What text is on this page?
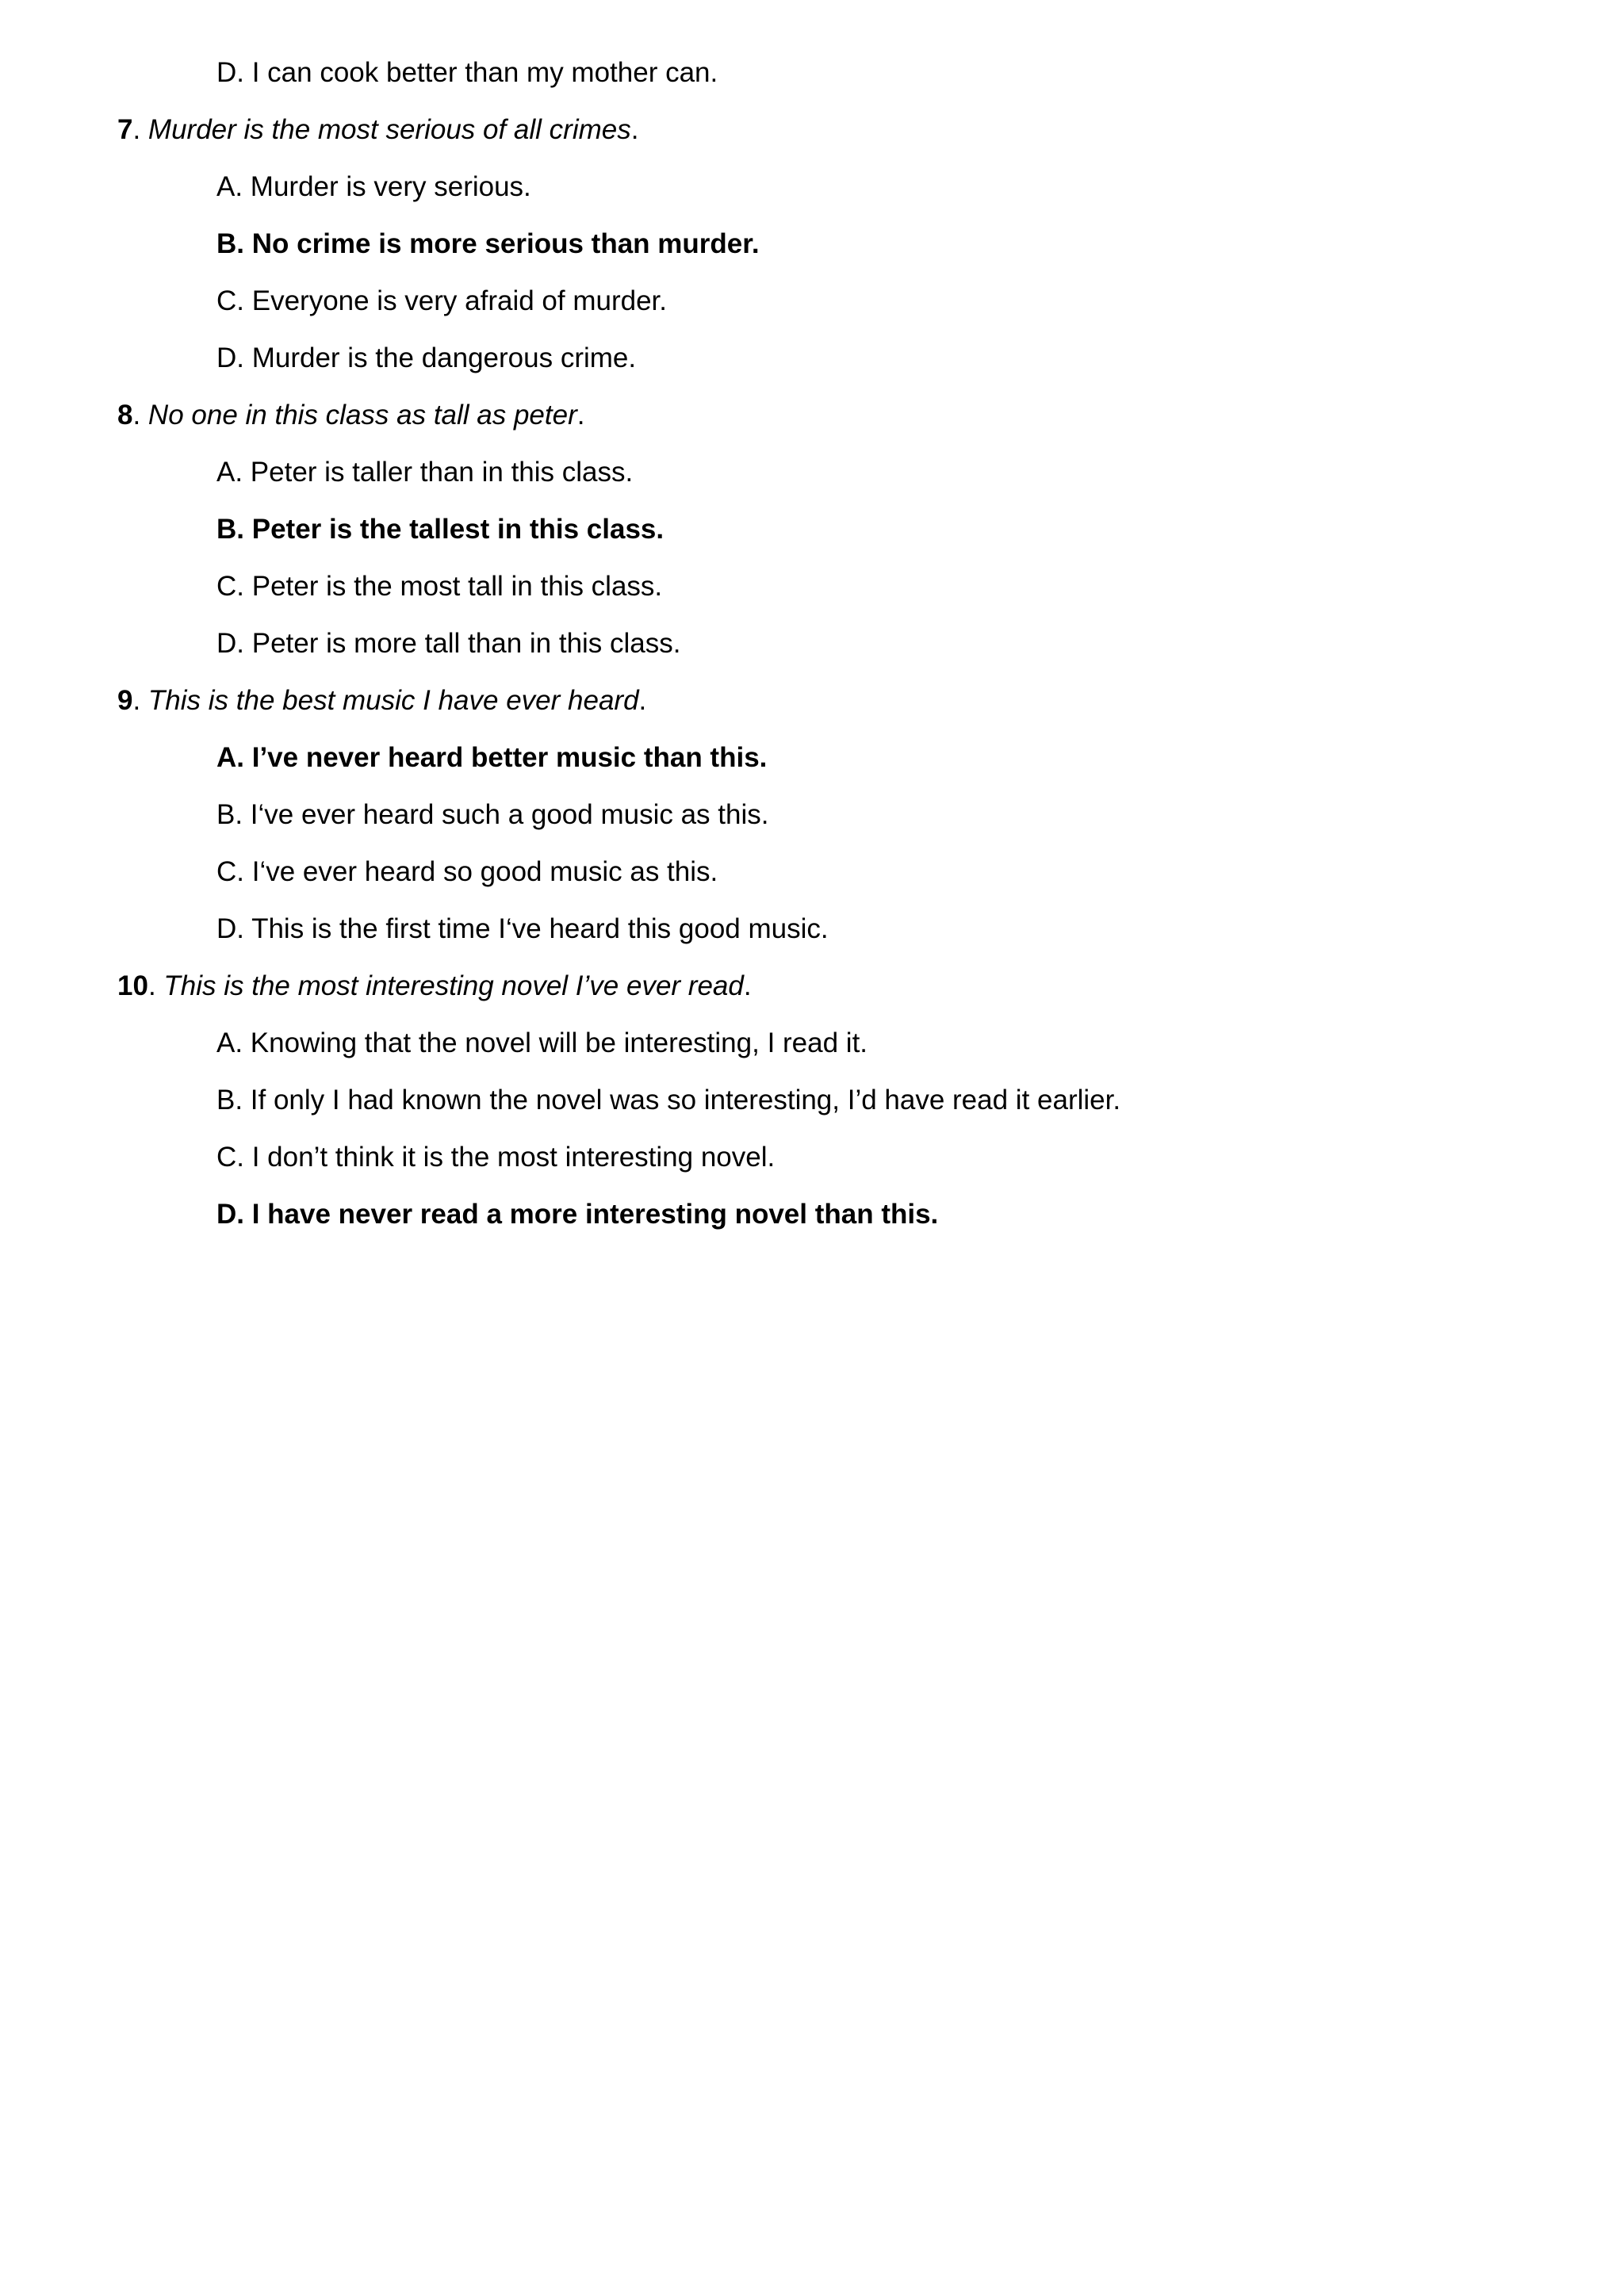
D. I can cook better than my mother can.
7. Murder is the most serious of all crimes.
A. Murder is very serious.
B. No crime is more serious than murder.
C. Everyone is very afraid of murder.
D. Murder is the dangerous crime.
8. No one in this class as tall as peter.
A. Peter is taller than in this class.
B. Peter is the tallest in this class.
C. Peter is the most tall in this class.
D. Peter is more tall than in this class.
9. This is the best music I have ever heard.
A. I’ve never heard better music than this.
B. I‘ve ever heard such a good music as this.
C. I‘ve ever heard so good music as this.
D. This is the first time I‘ve heard this good music.
10. This is the most interesting novel I’ve ever read.
A. Knowing that the novel will be interesting, I read it.
B. If only I had known the novel was so interesting, I’d have read it earlier.
C. I don’t think it is the most interesting novel.
D. I have never read a more interesting novel than this.
